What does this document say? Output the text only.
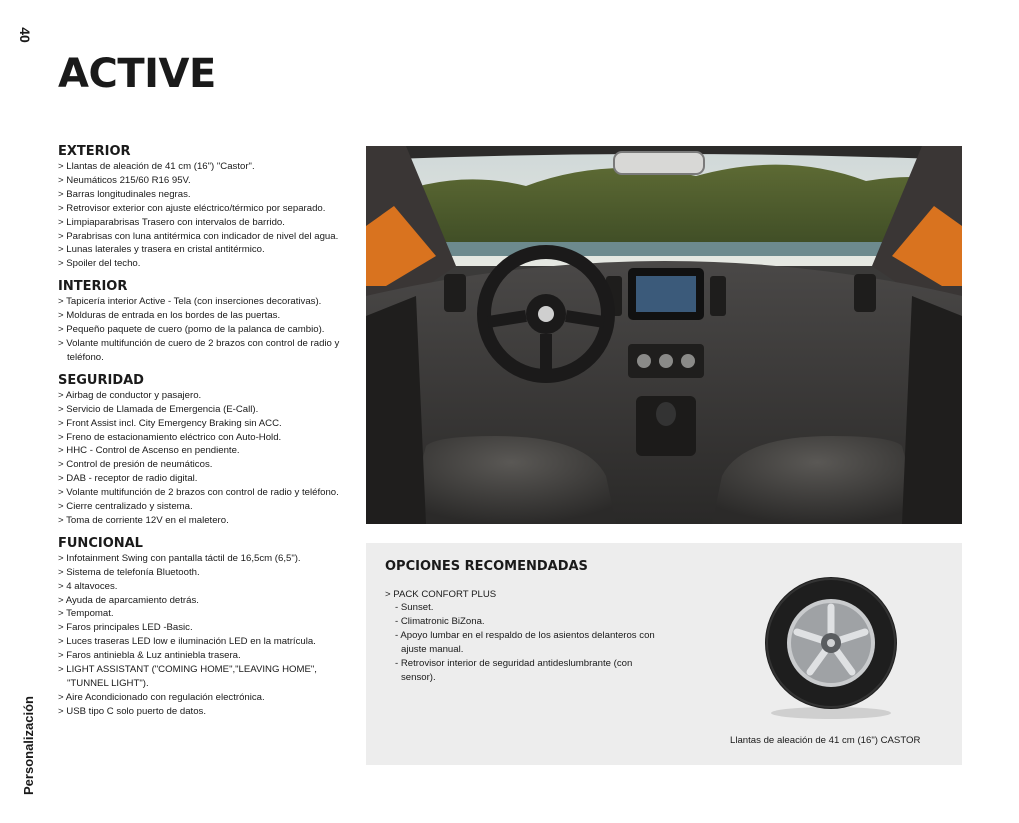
40
Personalización
ACTIVE
EXTERIOR
> Llantas de aleación de 41 cm (16") "Castor".
> Neumáticos 215/60 R16 95V.
> Barras longitudinales negras.
> Retrovisor exterior con ajuste eléctrico/térmico por separado.
> Limpiaparabrisas Trasero con intervalos de barrido.
> Parabrisas con luna antitérmica con indicador de nivel del agua.
> Lunas laterales y trasera en cristal antitérmico.
> Spoiler del techo.
INTERIOR
> Tapicería interior Active - Tela (con inserciones decorativas).
> Molduras de entrada en los bordes de las puertas.
> Pequeño paquete de cuero (pomo de la palanca de cambio).
> Volante multifunción de cuero de 2 brazos con control de radio y teléfono.
SEGURIDAD
> Airbag de conductor y pasajero.
> Servicio de Llamada de Emergencia (E-Call).
> Front Assist incl. City Emergency Braking sin ACC.
> Freno de estacionamiento eléctrico con Auto-Hold.
> HHC - Control de Ascenso en pendiente.
> Control de presión de neumáticos.
> DAB - receptor de radio digital.
> Volante multifunción de 2 brazos con control de radio y teléfono.
> Cierre centralizado y sistema.
> Toma de corriente 12V en el maletero.
FUNCIONAL
> Infotainment Swing con pantalla táctil de 16,5cm (6,5").
> Sistema de telefonía Bluetooth.
> 4 altavoces.
> Ayuda de aparcamiento detrás.
> Tempomat.
> Faros principales LED -Basic.
> Luces traseras LED low e iluminación LED en la matrícula.
> Faros antiniebla & Luz antiniebla trasera.
> LIGHT ASSISTANT ("COMING HOME","LEAVING HOME", "TUNNEL LIGHT").
> Aire Acondicionado con regulación electrónica.
> USB tipo C solo puerto de datos.
OPCIONES RECOMENDADAS
> PACK CONFORT PLUS
- Sunset.
- Climatronic BiZona.
- Apoyo lumbar en el respaldo de los asientos delanteros con ajuste manual.
- Retrovisor interior de seguridad antideslumbrante (con sensor).
Llantas de aleación de 41 cm (16") CASTOR
